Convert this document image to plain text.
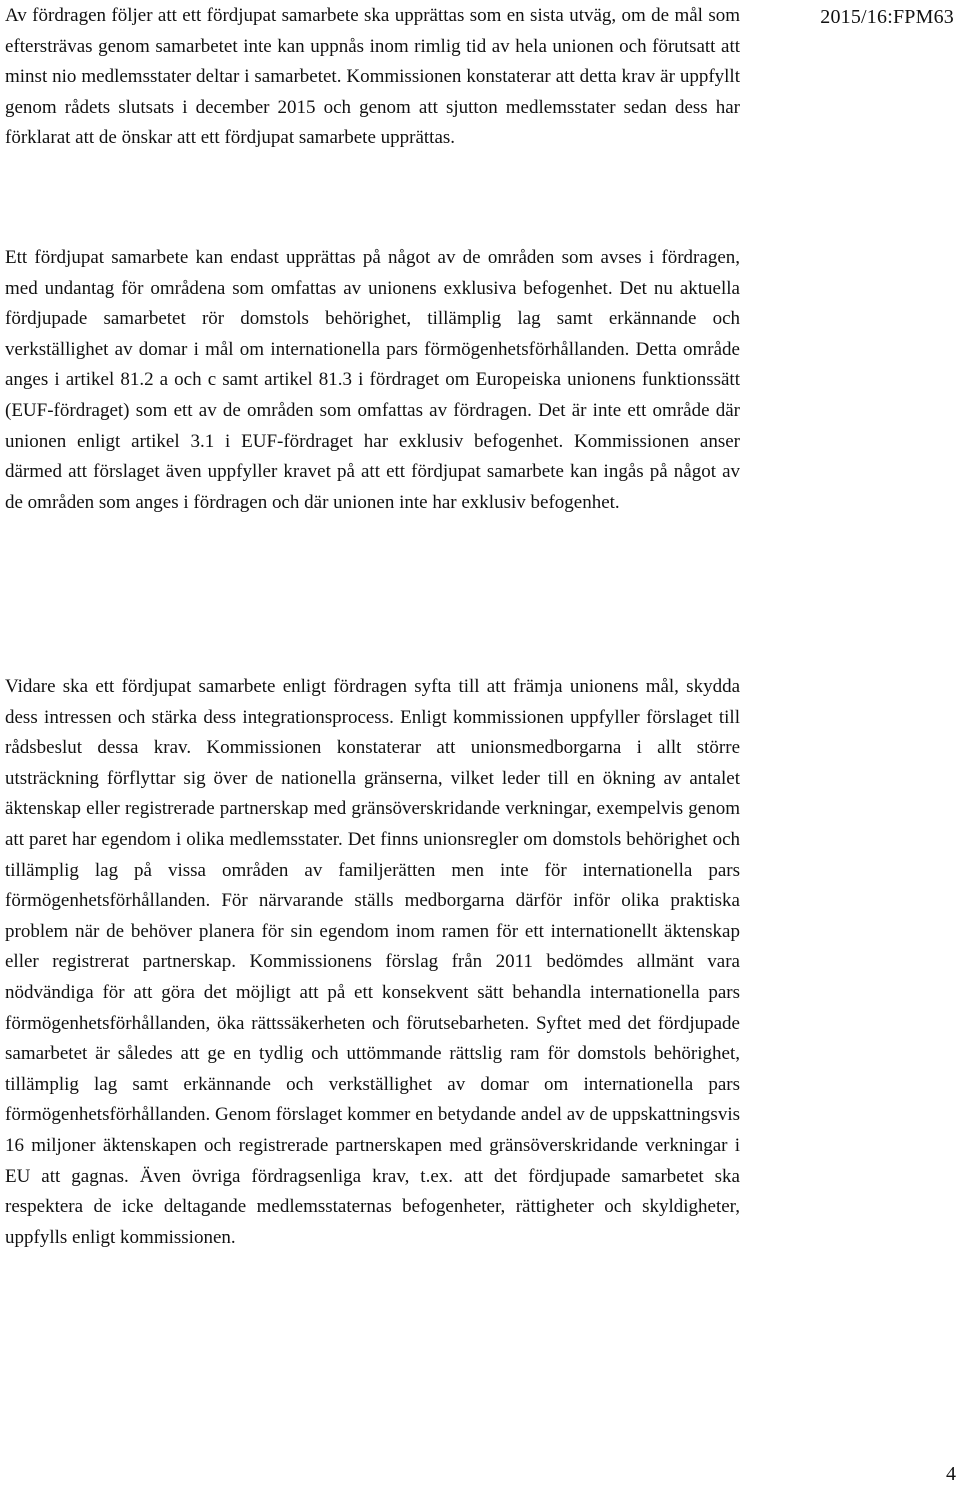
2015/16:FPM63

Av fördragen följer att ett fördjupat samarbete ska upprättas som en sista utväg, om de mål som eftersträvas genom samarbetet inte kan uppnås inom rimlig tid av hela unionen och förutsatt att minst nio medlemsstater deltar i samarbetet. Kommissionen konstaterar att detta krav är uppfyllt genom rådets slutsats i december 2015 och genom att sjutton medlemsstater sedan dess har förklarat att de önskar att ett fördjupat samarbete upprättas.

Ett fördjupat samarbete kan endast upprättas på något av de områden som avses i fördragen, med undantag för områdena som omfattas av unionens exklusiva befogenhet. Det nu aktuella fördjupade samarbetet rör domstols behörighet, tillämplig lag samt erkännande och verkställighet av domar i mål om internationella pars förmögenhetsförhållanden. Detta område anges i artikel 81.2 a och c samt artikel 81.3 i fördraget om Europeiska unionens funktionssätt (EUF-fördraget) som ett av de områden som omfattas av fördragen. Det är inte ett område där unionen enligt artikel 3.1 i EUF-fördraget har exklusiv befogenhet. Kommissionen anser därmed att förslaget även uppfyller kravet på att ett fördjupat samarbete kan ingås på något av de områden som anges i fördragen och där unionen inte har exklusiv befogenhet.

Vidare ska ett fördjupat samarbete enligt fördragen syfta till att främja unionens mål, skydda dess intressen och stärka dess integrationsprocess. Enligt kommissionen uppfyller förslaget till rådsbeslut dessa krav. Kommissionen konstaterar att unionsmedborgarna i allt större utsträckning förflyttar sig över de nationella gränserna, vilket leder till en ökning av antalet äktenskap eller registrerade partnerskap med gränsöverskridande verkningar, exempelvis genom att paret har egendom i olika medlemsstater. Det finns unionsregler om domstols behörighet och tillämplig lag på vissa områden av familjerätten men inte för internationella pars förmögenhetsförhållanden. För närvarande ställs medborgarna därför inför olika praktiska problem när de behöver planera för sin egendom inom ramen för ett internationellt äktenskap eller registrerat partnerskap. Kommissionens förslag från 2011 bedömdes allmänt vara nödvändiga för att göra det möjligt att på ett konsekvent sätt behandla internationella pars förmögenhetsförhållanden, öka rättssäkerheten och förutsebarheten. Syftet med det fördjupade samarbetet är således att ge en tydlig och uttömmande rättslig ram för domstols behörighet, tillämplig lag samt erkännande och verkställighet av domar om internationella pars förmögenhetsförhållanden. Genom förslaget kommer en betydande andel av de uppskattningsvis 16 miljoner äktenskapen och registrerade partnerskapen med gränsöverskridande verkningar i EU att gagnas. Även övriga fördragsenliga krav, t.ex. att det fördjupade samarbetet ska respektera de icke deltagande medlemsstaternas befogenheter, rättigheter och skyldigheter, uppfylls enligt kommissionen.

4
